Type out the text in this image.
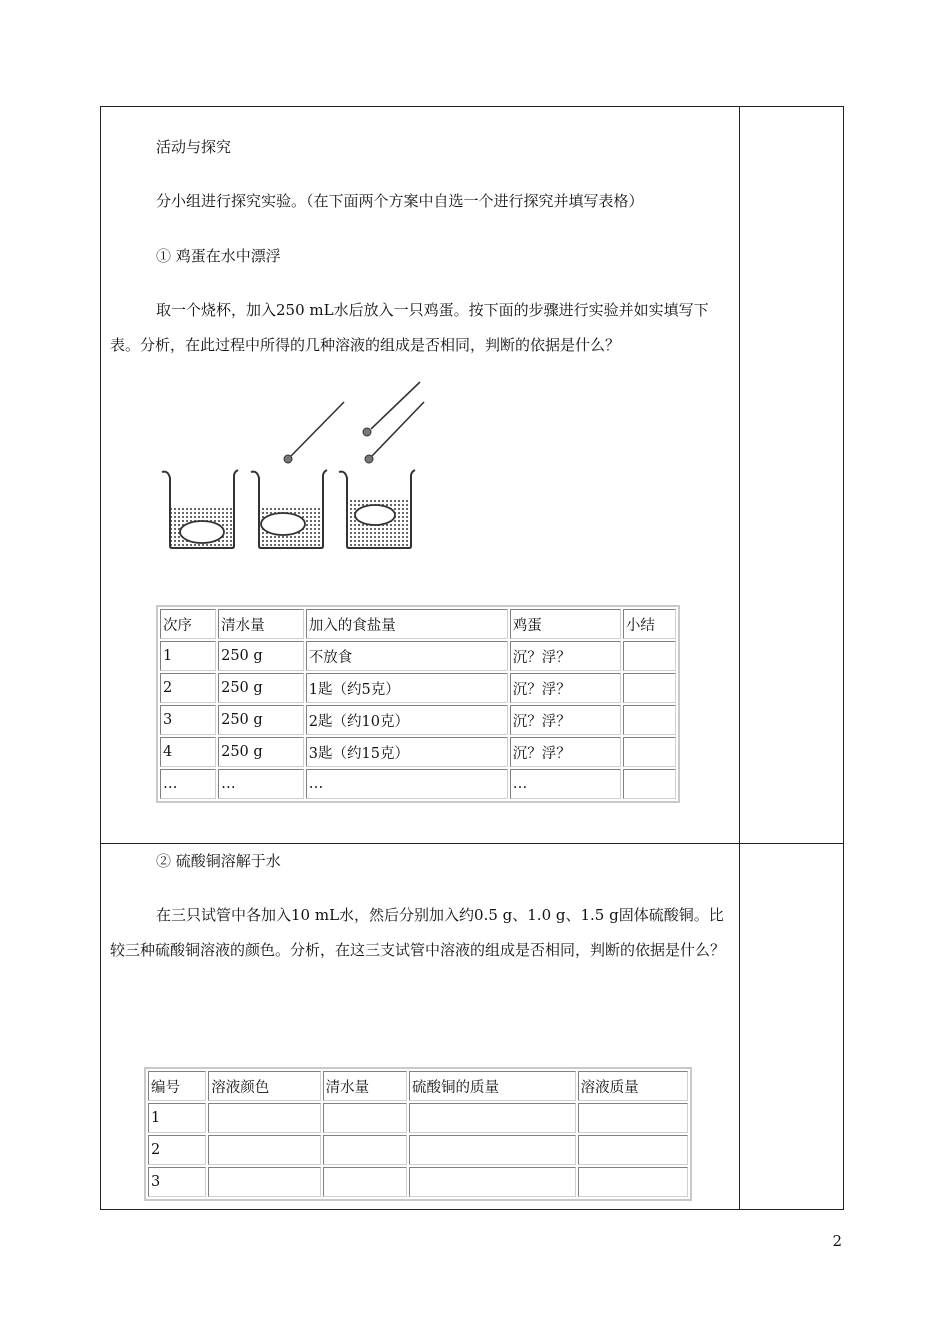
活动与探究
分小组进行探究实验。（在下面两个方案中自选一个进行探究并填写表格）
① 鸡蛋在水中漂浮
取一个烧杯，加入250 mL水后放入一只鸡蛋。按下面的步骤进行实验并如实填写下表。分析，在此过程中所得的几种溶液的组成是否相同，判断的依据是什么？
次序	清水量	加入的食盐量	鸡蛋	小结
1	250 g	不放食	沉？浮？	
2	250 g	1匙（约5克）	沉？浮？	
3	250 g	2匙（约10克）	沉？浮？	
4	250 g	3匙（约15克）	沉？浮？	
…	…	…	…	
② 硫酸铜溶解于水
在三只试管中各加入10 mL水，然后分别加入约0.5 g、1.0 g、1.5 g固体硫酸铜。比较三种硫酸铜溶液的颜色。分析，在这三支试管中溶液的组成是否相同，判断的依据是什么？
编号	溶液颜色	清水量	硫酸铜的质量	溶液质量
1				
2				
3				
2
